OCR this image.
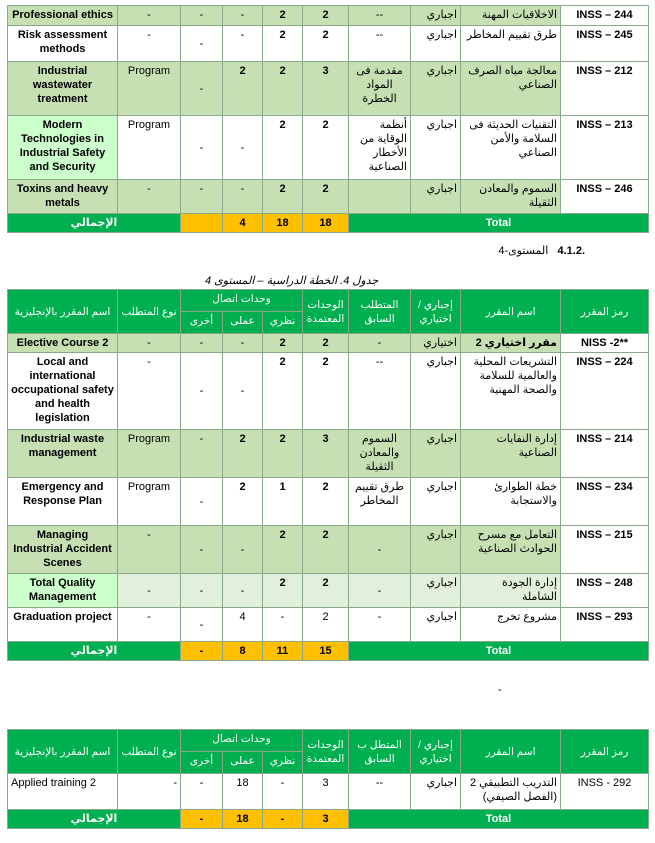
Professional ethics	-	-	-	2	2	--	اجباري	الاخلاقيات المهنة	INSS – 244
Risk assessment methods	-	-	-	2	2	--	اجباري	طرق تقييم المخاطر	INSS – 245
Industrial wastewater treatment	Program	-	2	2	3	مقدمة فى المواد الخطرة	اجباري	معالجة مياه الصرف الصناعي	INSS – 212
Modern Technologies in Industrial Safety and Security	Program	-	-	2	2	أنظمة الوقاية من الأخطار الصناعية	اجباري	التقنيات الحديثة فى السلامة والأمن الصناعي	INSS – 213
Toxins and heavy metals	-	-	-	2	2		اجباري	السموم والمعادن الثقيلة	INSS – 246
الإجمالي			4	18	18	Total			
.4.1.2   المستوى-4
جدول 4. الخطة الدراسية – المستوى 4
اسم المقرر بالإنجليزية	نوع المتطلب	وحدات اتصال			الوحدات المعتمدة	المتطلب السابق	إجباري / اختياري	اسم المقرر	رمز المقرر
		أخرى	عملى	نظري					
Elective Course 2	-	-	-	2	2	-	اختياري	مقرر اختياري 2	NISS -2**
Local and international occupational safety and health legislation	-	-	-	2	2	--	اجباري	التشريعات المحلية والعالمية للسلامة والصحة المهنية	INSS – 224
Industrial waste management	Program	-	2	2	3	السموم والمعادن الثقيلة	اجباري	إدارة النفايات الصناعية	INSS – 214
Emergency and Response Plan	Program	-	2	1	2	طرق تقييم المخاطر	اجباري	خطة الطوارئ والاستجابة	INSS – 234
Managing Industrial Accident Scenes	-	-	-	2	2	-	اجباري	التعامل مع مسرح الحوادث الصناعية	INSS – 215
Total Quality Management	-	-	-	2	2	-	اجباري	إدارة الجودة الشاملة	INSS – 248
Graduation project	-	-	4	-	2	-	اجباري	مشروع تخرج	INSS – 293
الإجمالي		-	8	11	15	Total			
-
اسم المقرر بالإنجليزية	نوع المتطلب	وحدات اتصال			الوحدات المعتمدة	المتطل ب السابق	إجباري / اختياري	اسم المقرر	رمز المقرر
		أخرى	عملى	نظري					
Applied training 2	-	-	18	-	3	--	اجباري	التدريب التطبيقي 2 (الفصل الصيفي)	INSS - 292
الإجمالي		-	18	-	3	Total			
